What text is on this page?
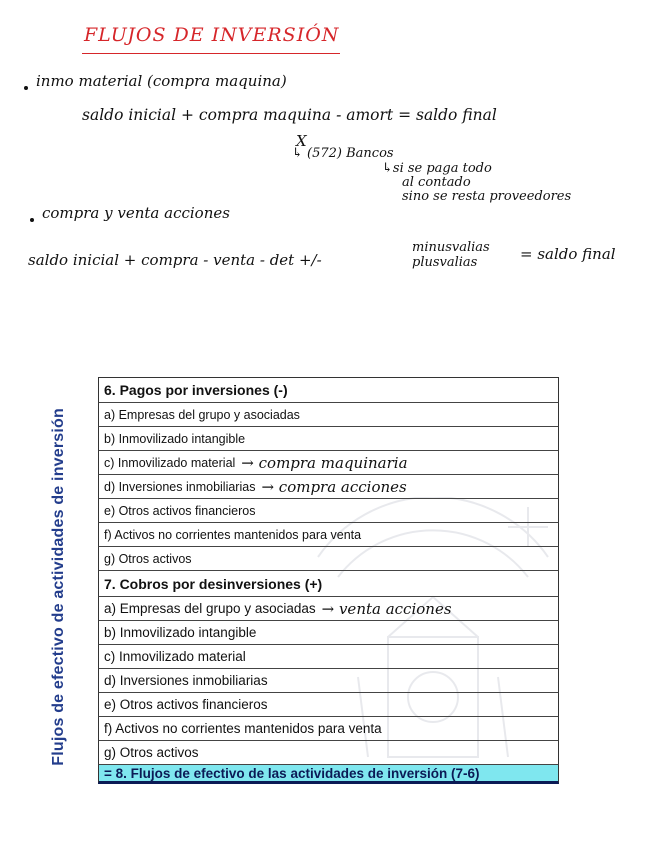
FLUJOS DE INVERSIÓN
inmo material (compra maquina)
saldo inicial + compra maquina - amort = saldo final
X
↳ (572) Bancos
↳si se paga todo
al contado
sino se resta proveedores
compra y venta acciones
saldo inicial + compra - venta - det +/-
minusvalias
plusvalias	= saldo final
Flujos de efectivo de actividades de inversión
6. Pagos por inversiones (-)
a) Empresas del grupo y asociadas
b) Inmovilizado intangible
c) Inmovilizado material → compra maquinaria
d) Inversiones inmobiliarias → compra acciones
e) Otros activos financieros
f) Activos no corrientes mantenidos para venta
g) Otros activos
7. Cobros por desinversiones (+)
a) Empresas del grupo y asociadas → venta acciones
b) Inmovilizado intangible
c) Inmovilizado material
d) Inversiones inmobiliarias
e) Otros activos financieros
f) Activos no corrientes mantenidos para venta
g) Otros activos
= 8. Flujos de efectivo de las actividades de inversión (7-6)
